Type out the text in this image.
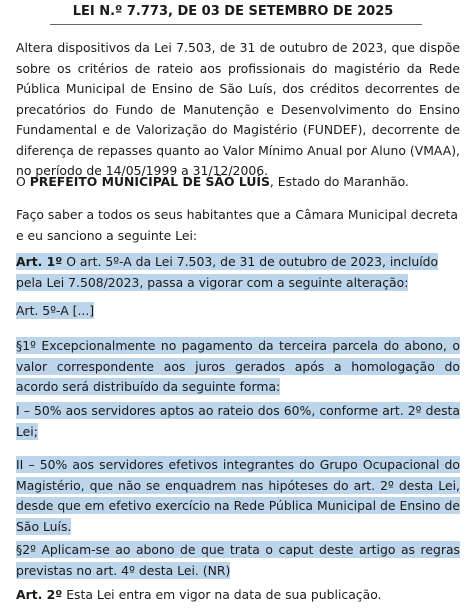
LEI N.º 7.773, DE 03 DE SETEMBRO DE 2025

Altera dispositivos da Lei 7.503, de 31 de outubro de 2023, que dispõe sobre os critérios de rateio aos profissionais do magistério da Rede Pública Municipal de Ensino de São Luís, dos créditos decorrentes de precatórios do Fundo de Manutenção e Desenvolvimento do Ensino Fundamental e de Valorização do Magistério (FUNDEF), decorrente de diferença de repasses quanto ao Valor Mínimo Anual por Aluno (VMAA), no período de 14/05/1999 a 31/12/2006.

O PREFEITO MUNICIPAL DE SÃO LUÍS, Estado do Maranhão.

Faço saber a todos os seus habitantes que a Câmara Municipal decreta e eu sanciono a seguinte Lei:

Art. 1º O art. 5º-A da Lei 7.503, de 31 de outubro de 2023, incluído pela Lei 7.508/2023, passa a vigorar com a seguinte alteração:

Art. 5º-A [...]

§1º Excepcionalmente no pagamento da terceira parcela do abono, o valor correspondente aos juros gerados após a homologação do acordo será distribuído da seguinte forma:

I – 50% aos servidores aptos ao rateio dos 60%, conforme art. 2º desta Lei;

II – 50% aos servidores efetivos integrantes do Grupo Ocupacional do Magistério, que não se enquadrem nas hipóteses do art. 2º desta Lei, desde que em efetivo exercício na Rede Pública Municipal de Ensino de São Luís.

§2º Aplicam-se ao abono de que trata o caput deste artigo as regras previstas no art. 4º desta Lei. (NR)

Art. 2º Esta Lei entra em vigor na data de sua publicação.
